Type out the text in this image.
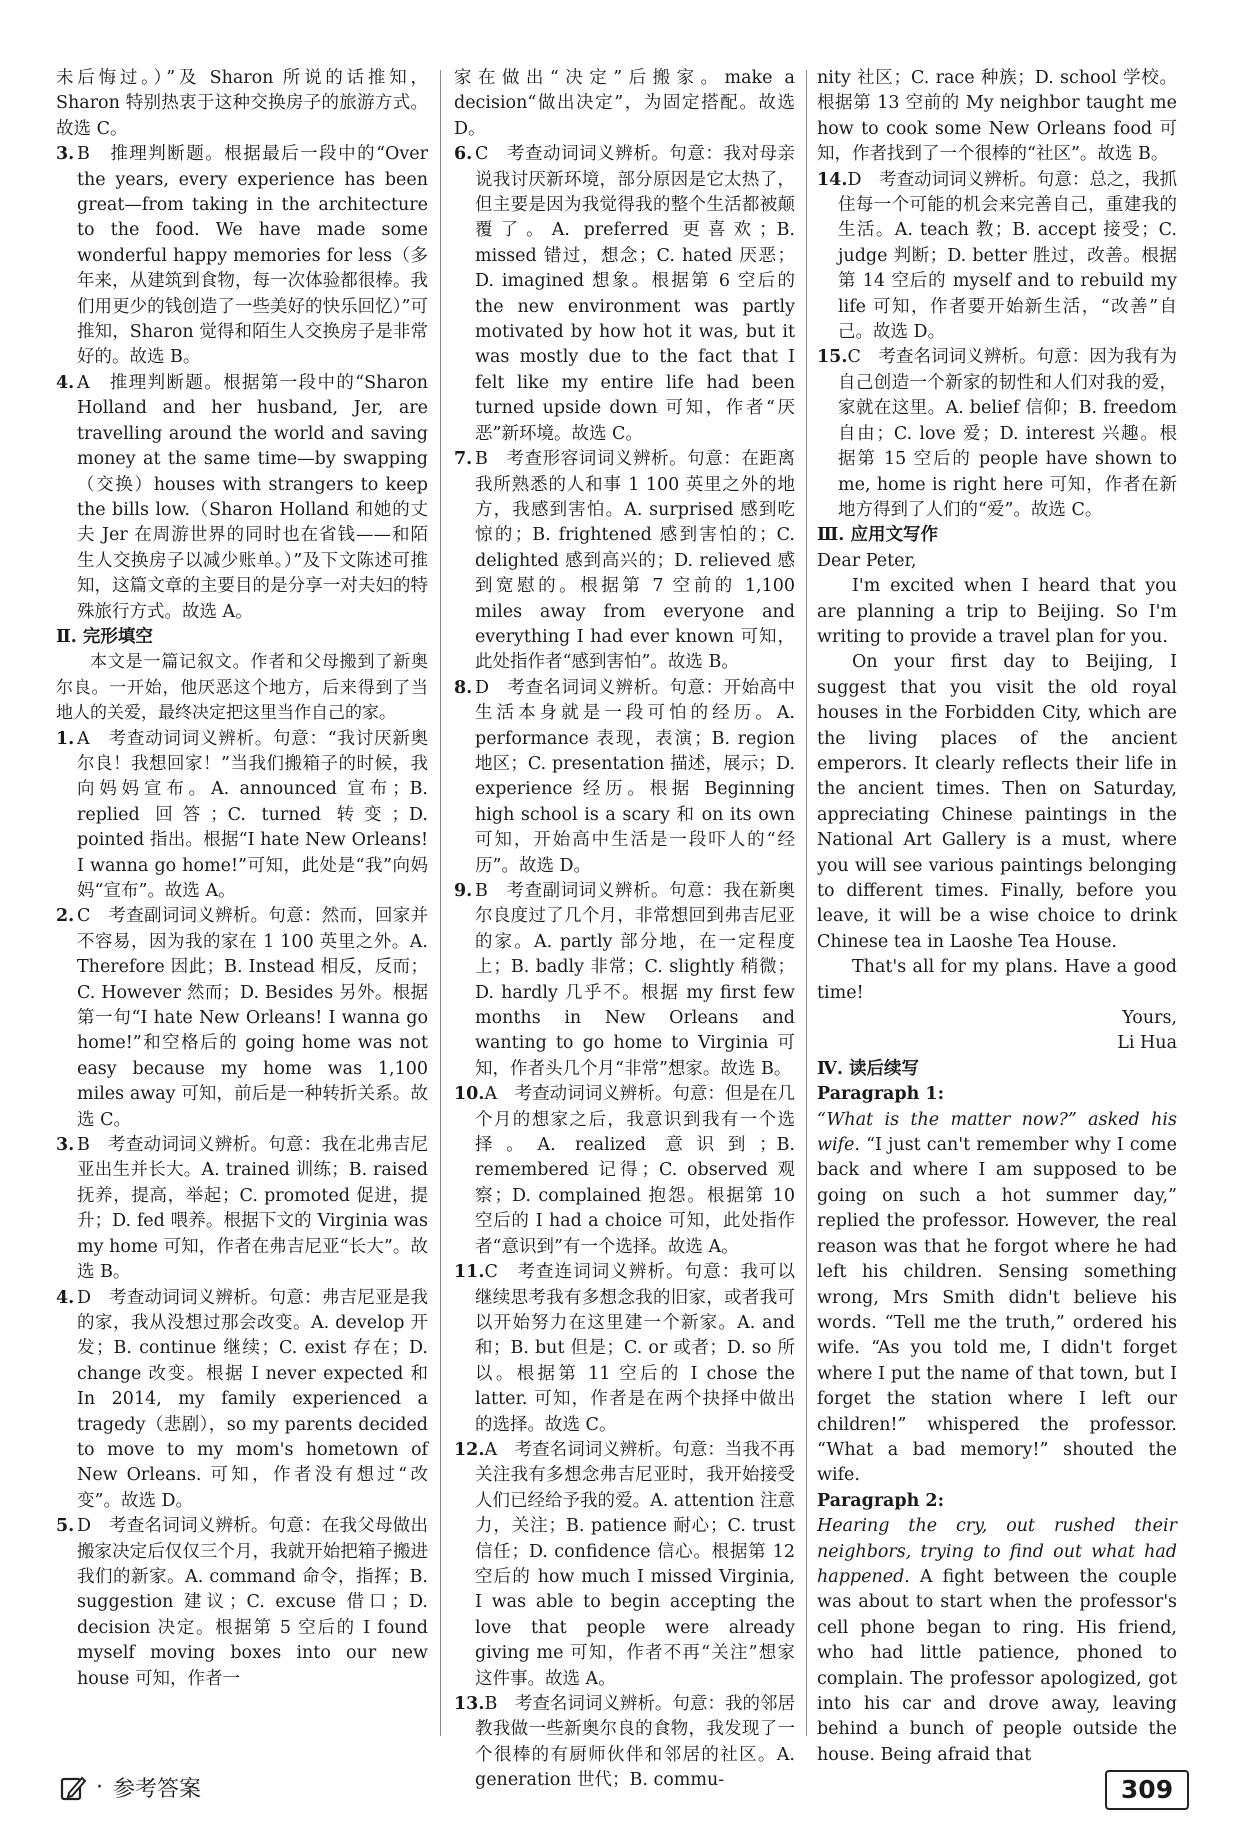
未后悔过。）”及 Sharon 所说的话推知，Sharon 特别热衷于这种交换房子的旅游方式。故选 C。

3. B　推理判断题。根据最后一段中的“Over the years, every experience has been great—from taking in the architecture to the food. We have made some wonderful happy memories for less（多年来，从建筑到食物，每一次体验都很棒。我们用更少的钱创造了一些美好的快乐回忆）”可推知，Sharon 觉得和陌生人交换房子是非常好的。故选 B。

4. A　推理判断题。根据第一段中的“Sharon Holland and her husband, Jer, are travelling around the world and saving money at the same time—by swapping（交换）houses with strangers to keep the bills low.（Sharon Holland 和她的丈夫 Jer 在周游世界的同时也在省钱——和陌生人交换房子以减少账单。）”及下文陈述可推知，这篇文章的主要目的是分享一对夫妇的特殊旅行方式。故选 A。

Ⅱ. 完形填空

本文是一篇记叙文。作者和父母搬到了新奥尔良。一开始，他厌恶这个地方，后来得到了当地人的关爱，最终决定把这里当作自己的家。

1. A　考查动词词义辨析。句意：“我讨厌新奥尔良！我想回家！”当我们搬箱子的时候，我向妈妈宣布。A. announced 宣布；B. replied 回答；C. turned 转变；D. pointed 指出。根据“I hate New Orleans! I wanna go home!”可知，此处是“我”向妈妈“宣布”。故选 A。

2. C　考查副词词义辨析。句意：然而，回家并不容易，因为我的家在 1 100 英里之外。A. Therefore 因此；B. Instead 相反，反而；C. However 然而；D. Besides 另外。根据第一句“I hate New Orleans! I wanna go home!”和空格后的 going home was not easy because my home was 1,100 miles away 可知，前后是一种转折关系。故选 C。

3. B　考查动词词义辨析。句意：我在北弗吉尼亚出生并长大。A. trained 训练；B. raised 抚养，提高，举起；C. promoted 促进，提升；D. fed 喂养。根据下文的 Virginia was my home 可知，作者在弗吉尼亚“长大”。故选 B。

4. D　考查动词词义辨析。句意：弗吉尼亚是我的家，我从没想过那会改变。A. develop 开发；B. continue 继续；C. exist 存在；D. change 改变。根据 I never expected 和 In 2014, my family experienced a tragedy（悲剧），so my parents decided to move to my mom's hometown of New Orleans. 可知，作者没有想过“改变”。故选 D。

5. D　考查名词词义辨析。句意：在我父母做出搬家决定后仅仅三个月，我就开始把箱子搬进我们的新家。A. command 命令，指挥；B. suggestion 建议；C. excuse 借口；D. decision 决定。根据第 5 空后的 I found myself moving boxes into our new house 可知，作者一

家在做出“决定”后搬家。make a decision“做出决定”，为固定搭配。故选 D。

6. C　考查动词词义辨析。句意：我对母亲说我讨厌新环境，部分原因是它太热了，但主要是因为我觉得我的整个生活都被颠覆了。A. preferred 更喜欢；B. missed 错过，想念；C. hated 厌恶；D. imagined 想象。根据第 6 空后的 the new environment was partly motivated by how hot it was, but it was mostly due to the fact that I felt like my entire life had been turned upside down 可知，作者“厌恶”新环境。故选 C。

7. B　考查形容词词义辨析。句意：在距离我所熟悉的人和事 1 100 英里之外的地方，我感到害怕。A. surprised 感到吃惊的；B. frightened 感到害怕的；C. delighted 感到高兴的；D. relieved 感到宽慰的。根据第 7 空前的 1,100 miles away from everyone and everything I had ever known 可知，此处指作者“感到害怕”。故选 B。

8. D　考查名词词义辨析。句意：开始高中生活本身就是一段可怕的经历。A. performance 表现，表演；B. region 地区；C. presentation 描述，展示；D. experience 经历。根据 Beginning high school is a scary 和 on its own 可知，开始高中生活是一段吓人的“经历”。故选 D。

9. B　考查副词词义辨析。句意：我在新奥尔良度过了几个月，非常想回到弗吉尼亚的家。A. partly 部分地，在一定程度上；B. badly 非常；C. slightly 稍微；D. hardly 几乎不。根据 my first few months in New Orleans and wanting to go home to Virginia 可知，作者头几个月“非常”想家。故选 B。

10.A　考查动词词义辨析。句意：但是在几个月的想家之后，我意识到我有一个选择。A. realized 意识到；B. remembered 记得；C. observed 观察；D. complained 抱怨。根据第 10 空后的 I had a choice 可知，此处指作者“意识到”有一个选择。故选 A。

11.C　考查连词词义辨析。句意：我可以继续思考我有多想念我的旧家，或者我可以开始努力在这里建一个新家。A. and 和；B. but 但是；C. or 或者；D. so 所以。根据第 11 空后的 I chose the latter. 可知，作者是在两个抉择中做出的选择。故选 C。

12.A　考查名词词义辨析。句意：当我不再关注我有多想念弗吉尼亚时，我开始接受人们已经给予我的爱。A. attention 注意力，关注；B. patience 耐心；C. trust 信任；D. confidence 信心。根据第 12 空后的 how much I missed Virginia, I was able to begin accepting the love that people were already giving me 可知，作者不再“关注”想家这件事。故选 A。

13.B　考查名词词义辨析。句意：我的邻居教我做一些新奥尔良的食物，我发现了一个很棒的有厨师伙伴和邻居的社区。A. generation 世代；B. commu-

nity 社区；C. race 种族；D. school 学校。根据第 13 空前的 My neighbor taught me how to cook some New Orleans food 可知，作者找到了一个很棒的“社区”。故选 B。

14.D　考查动词词义辨析。句意：总之，我抓住每一个可能的机会来完善自己，重建我的生活。A. teach 教；B. accept 接受；C. judge 判断；D. better 胜过，改善。根据第 14 空后的 myself and to rebuild my life 可知，作者要开始新生活，“改善”自己。故选 D。

15.C　考查名词词义辨析。句意：因为我有为自己创造一个新家的韧性和人们对我的爱，家就在这里。A. belief 信仰；B. freedom 自由；C. love 爱；D. interest 兴趣。根据第 15 空后的 people have shown to me, home is right here 可知，作者在新地方得到了人们的“爱”。故选 C。

Ⅲ. 应用文写作

Dear Peter,

I'm excited when I heard that you are planning a trip to Beijing. So I'm writing to provide a travel plan for you.

On your first day to Beijing, I suggest that you visit the old royal houses in the Forbidden City, which are the living places of the ancient emperors. It clearly reflects their life in the ancient times. Then on Saturday, appreciating Chinese paintings in the National Art Gallery is a must, where you will see various paintings belonging to different times. Finally, before you leave, it will be a wise choice to drink Chinese tea in Laoshe Tea House.

That's all for my plans. Have a good time!

Yours,

Li Hua

Ⅳ. 读后续写

Paragraph 1:

“What is the matter now?” asked his wife. “I just can't remember why I come back and where I am supposed to be going on such a hot summer day,” replied the professor. However, the real reason was that he forgot where he had left his children. Sensing something wrong, Mrs Smith didn't believe his words. “Tell me the truth,” ordered his wife. “As you told me, I didn't forget where I put the name of that town, but I forget the station where I left our children!” whispered the professor. “What a bad memory!” shouted the wife.

Paragraph 2:

Hearing the cry, out rushed their neighbors, trying to find out what had happened. A fight between the couple was about to start when the professor's cell phone began to ring. His friend, who had little patience, phoned to complain. The professor apologized, got into his car and drove away, leaving behind a bunch of people outside the house. Being afraid that

· 参考答案	309
